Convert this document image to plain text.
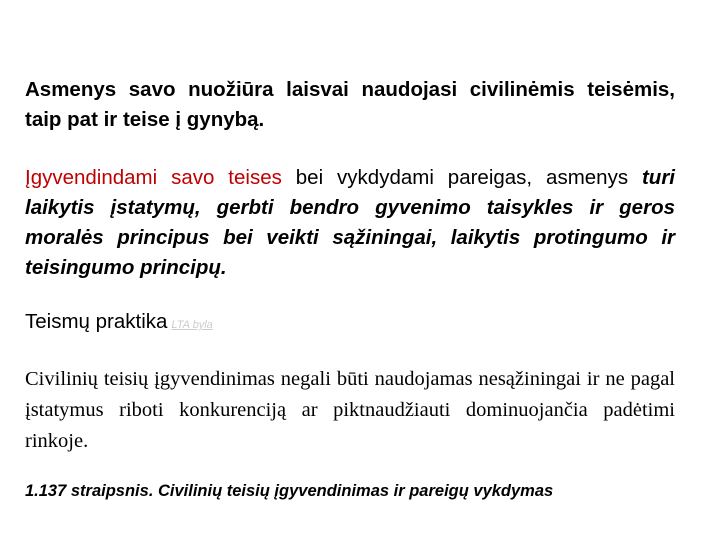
Asmenys savo nuožiūra laisvai naudojasi civilinėmis teisėmis, taip pat ir teise į gynybą.
Įgyvendindami savo teises bei vykdydami pareigas, asmenys turi laikytis įstatymų, gerbti bendro gyvenimo taisykles ir geros moralės principus bei veikti sąžiningai, laikytis protingumo ir teisingumo principų.
Teismų praktika LTA byla
Civilinių teisių įgyvendinimas negali būti naudojamas nesąžiningai ir ne pagal įstatymus riboti konkurenciją ar piktnaudžiauti dominuojančia padėtimi rinkoje.
1.137 straipsnis. Civilinių teisių įgyvendinimas ir pareigų vykdymas
